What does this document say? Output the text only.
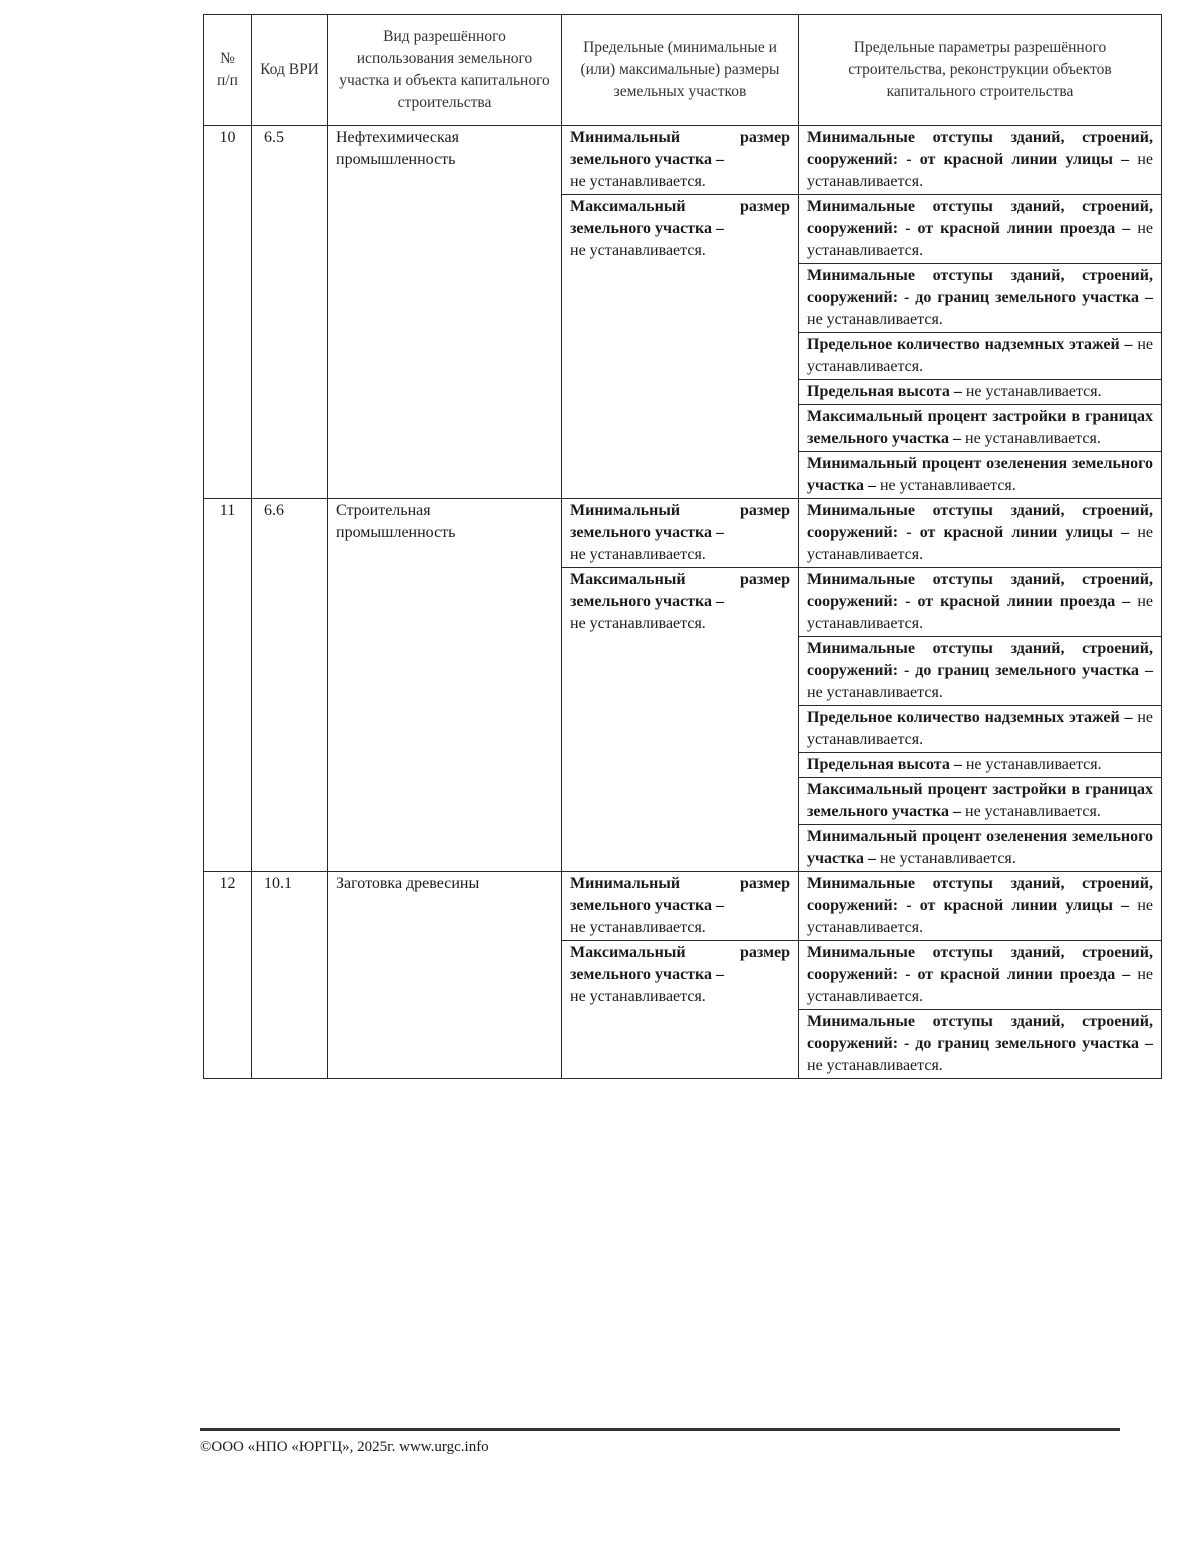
№ п/п	Код ВРИ	Вид разрешённого использования земельного участка и объекта капитального строительства	Предельные (минимальные и (или) максимальные) размеры земельных участков	Предельные параметры разрешённого строительства, реконструкции объектов капитального строительства
10	6.5	Нефтехимическая промышленность	Минимальный размер земельного участка –
не устанавливается.	Минимальные отступы зданий, строений, сооружений: - от красной линии улицы – не устанавливается.
			Максимальный размер земельного участка –
не устанавливается.	Минимальные отступы зданий, строений, сооружений: - от красной линии проезда – не устанавливается.
				Минимальные отступы зданий, строений, сооружений: - до границ земельного участка – не устанавливается.
				Предельное количество надземных этажей – не устанавливается.
				Предельная высота – не устанавливается.
				Максимальный процент застройки в границах земельного участка – не устанавливается.
				Минимальный процент озеленения земельного участка – не устанавливается.
11	6.6	Строительная промышленность	Минимальный размер земельного участка –
не устанавливается.	Минимальные отступы зданий, строений, сооружений: - от красной линии улицы – не устанавливается.
			Максимальный размер земельного участка –
не устанавливается.	Минимальные отступы зданий, строений, сооружений: - от красной линии проезда – не устанавливается.
				Минимальные отступы зданий, строений, сооружений: - до границ земельного участка – не устанавливается.
				Предельное количество надземных этажей – не устанавливается.
				Предельная высота – не устанавливается.
				Максимальный процент застройки в границах земельного участка – не устанавливается.
				Минимальный процент озеленения земельного участка – не устанавливается.
12	10.1	Заготовка древесины	Минимальный размер земельного участка –
не устанавливается.	Минимальные отступы зданий, строений, сооружений: - от красной линии улицы – не устанавливается.
			Максимальный размер земельного участка –
не устанавливается.	Минимальные отступы зданий, строений, сооружений: - от красной линии проезда – не устанавливается.
				Минимальные отступы зданий, строений, сооружений: - до границ земельного участка – не устанавливается.
©ООО «НПО «ЮРГЦ», 2025г. www.urgc.info
